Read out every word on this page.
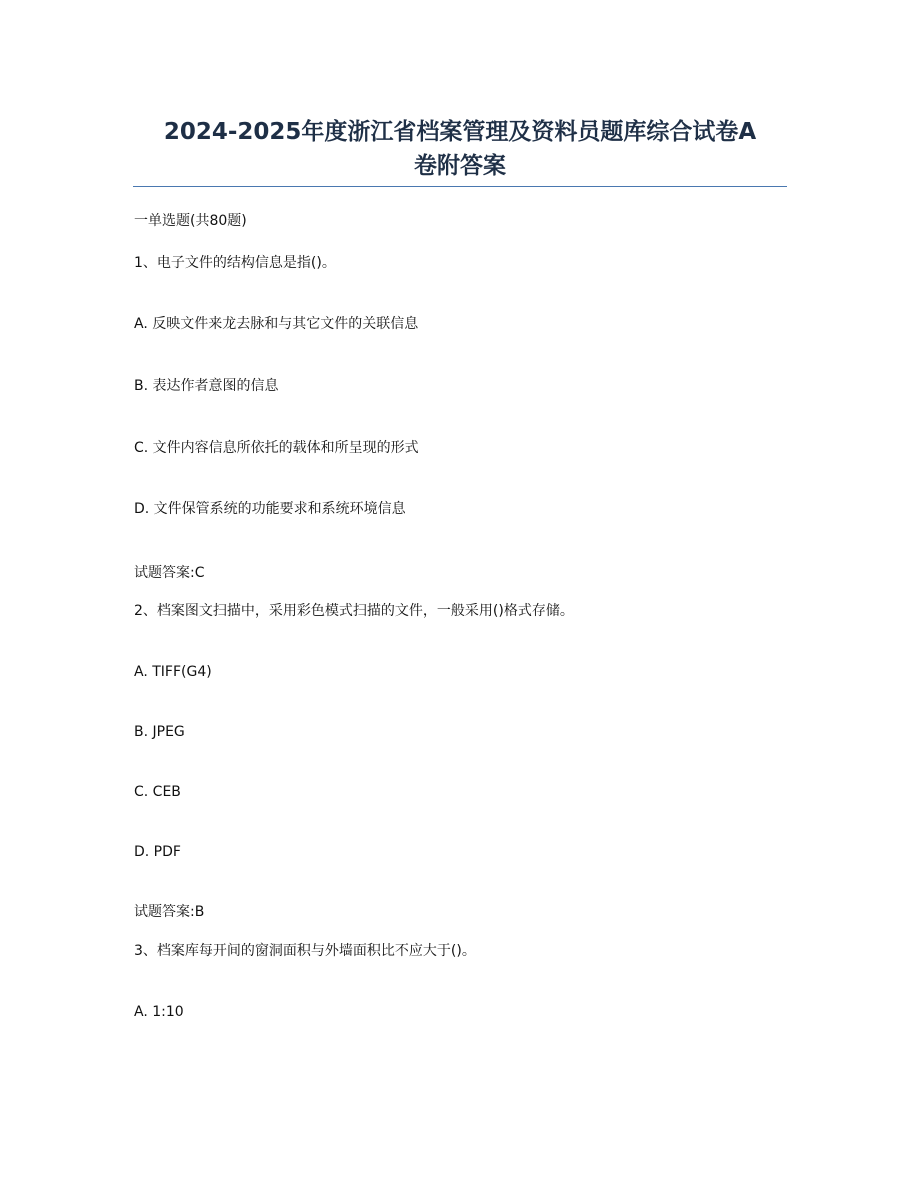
2024-2025年度浙江省档案管理及资料员题库综合试卷A
卷附答案
一单选题(共80题)
1、电子文件的结构信息是指()。
A. 反映文件来龙去脉和与其它文件的关联信息
B. 表达作者意图的信息
C. 文件内容信息所依托的载体和所呈现的形式
D. 文件保管系统的功能要求和系统环境信息
试题答案:C
2、档案图文扫描中，采用彩色模式扫描的文件，一般采用()格式存储。
A. TIFF(G4)
B. JPEG
C. CEB
D. PDF
试题答案:B
3、档案库每开间的窗洞面积与外墙面积比不应大于()。
A. 1:10
